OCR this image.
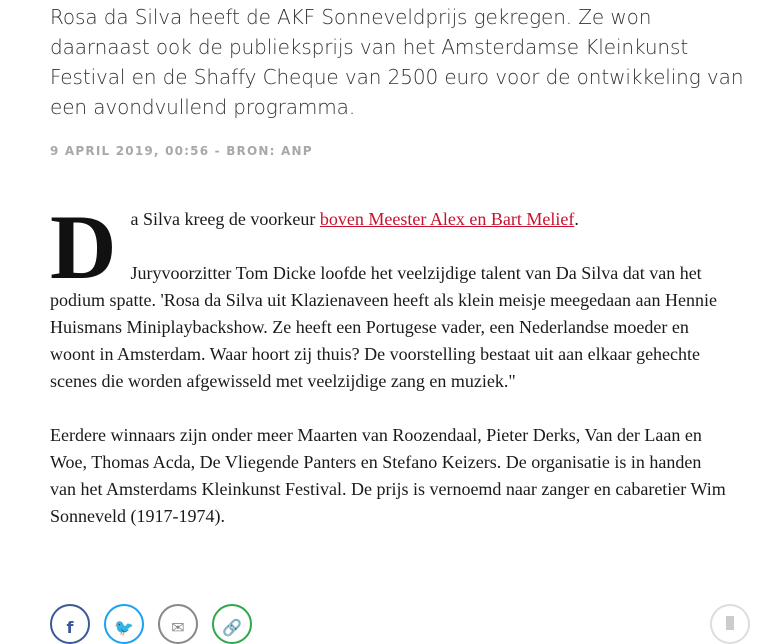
Rosa da Silva heeft de AKF Sonneveldprijs gekregen. Ze won daarnaast ook de publieksprijs van het Amsterdamse Kleinkunst Festival en de Shaffy Cheque van 2500 euro voor de ontwikkeling van een avondvullend programma.
9 APRIL 2019, 00:56 - BRON: ANP
D a Silva kreeg de voorkeur boven Meester Alex en Bart Melief.

Juryvoorzitter Tom Dicke loofde het veelzijdige talent van Da Silva dat van het podium spatte. 'Rosa da Silva uit Klazienaveen heeft als klein meisje meegedaan aan Hennie Huismans Miniplaybackshow. Ze heeft een Portugese vader, een Nederlandse moeder en woont in Amsterdam. Waar hoort zij thuis? De voorstelling bestaat uit aan elkaar gehechte scenes die worden afgewisseld met veelzijdige zang en muziek."

Eerdere winnaars zijn onder meer Maarten van Roozendaal, Pieter Derks, Van der Laan en Woe, Thomas Acda, De Vliegende Panters en Stefano Keizers. De organisatie is in handen van het Amsterdams Kleinkunst Festival. De prijs is vernoemd naar zanger en cabaretier Wim Sonneveld (1917-1974).

f	🐦 ✉ 🔗
